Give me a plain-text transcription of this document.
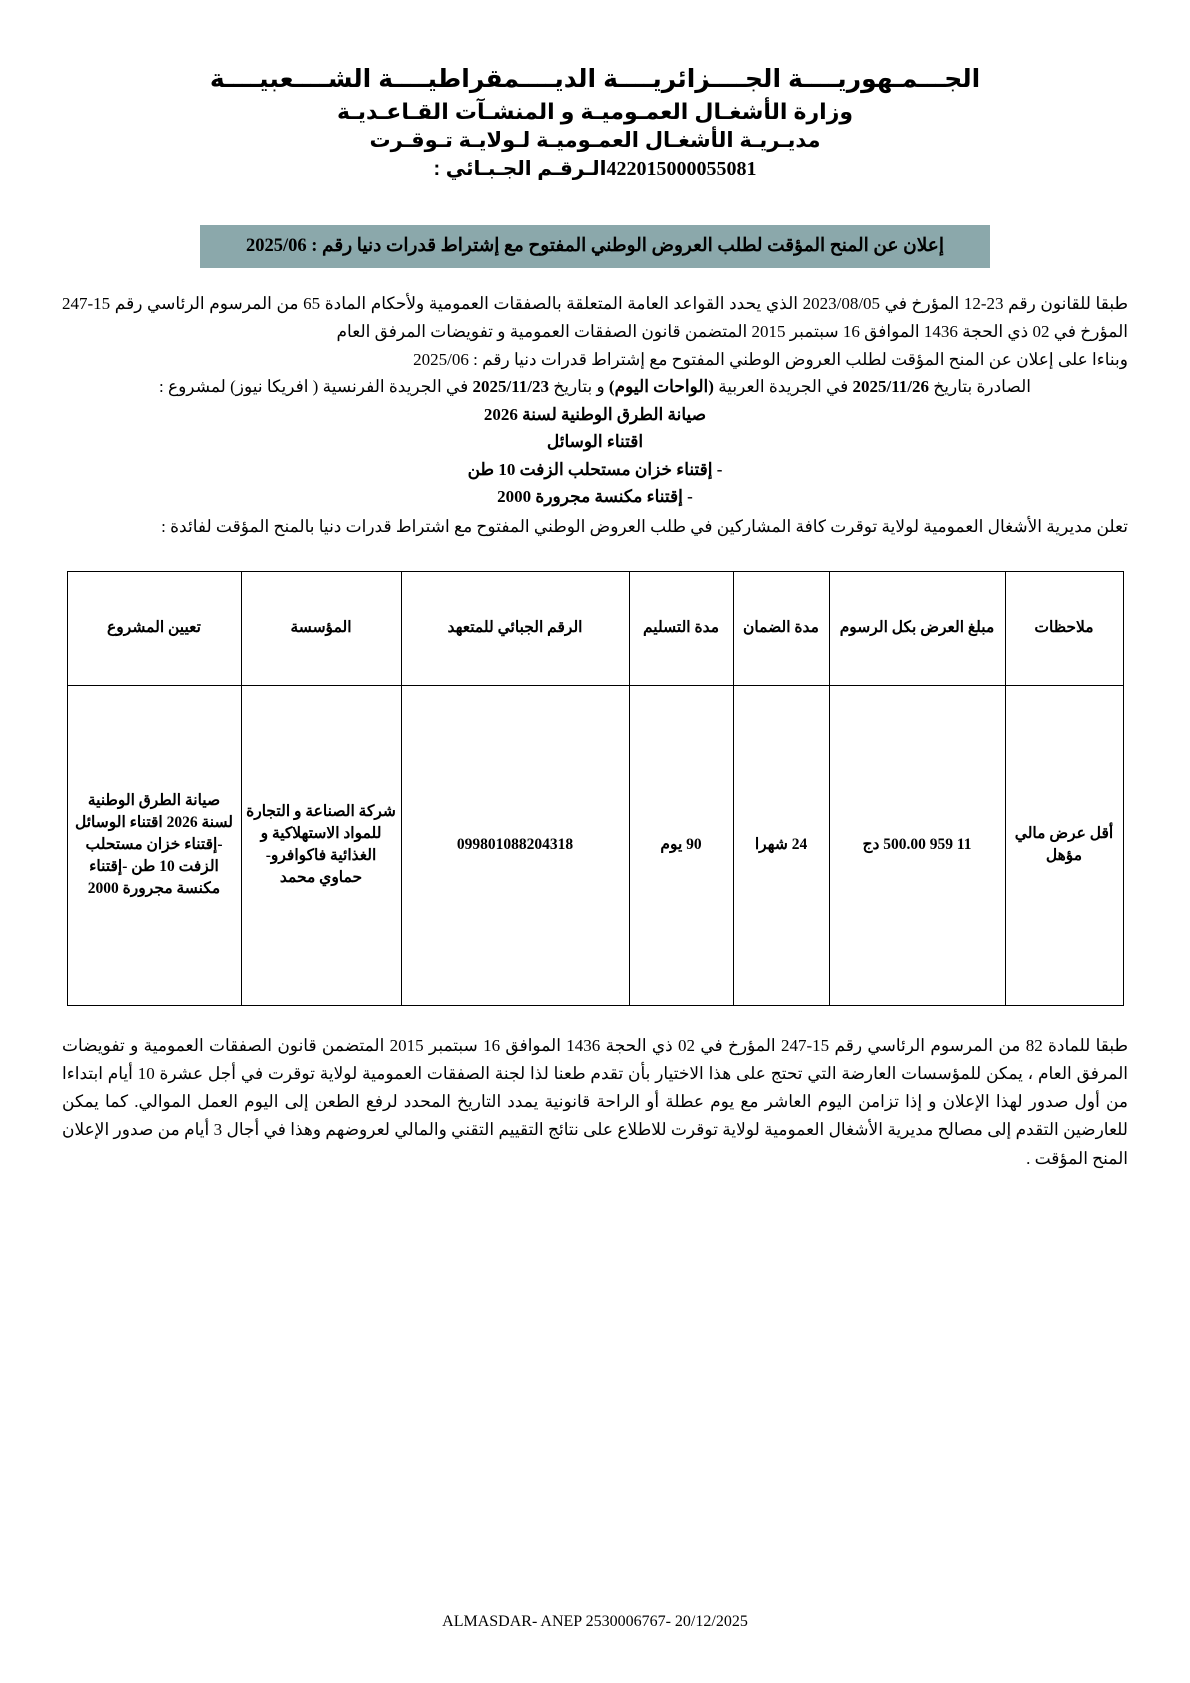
الجـــمـهوريــــة الجــــزائريــــة الديــــمقراطيــــة الشــــعبيــــة
وزارة الأشغـال العمـومیـة و المنشـآت القـاعـديـة
مديـريـة الأشغـال العمـوميـة لـولايـة تـوقـرت
422015000055081الـرقـم الجـبـائي :
إعلان عن المنح المؤقت لطلب العروض الوطني المفتوح مع إشتراط قدرات دنيا رقم : 2025/06

طبقا للقانون رقم 23-12 المؤرخ في 2023/08/05 الذي يحدد القواعد العامة المتعلقة بالصفقات العمومية ولأحكام المادة 65 من المرسوم الرئاسي رقم 15-247 المؤرخ في 02 ذي الحجة 1436 الموافق 16 سبتمبر 2015 المتضمن قانون الصفقات العمومية و تفويضات المرفق العام

وبناءا على إعلان عن المنح المؤقت لطلب العروض الوطني المفتوح مع إشتراط قدرات دنيا رقم : 2025/06

الصادرة بتاريخ 2025/11/26 في الجريدة العربية (الواحات اليوم) و بتاريخ 2025/11/23 في الجريدة الفرنسية ( افريكا نيوز) لمشروع :

صيانة الطرق الوطنية لسنة 2026

اقتناء الوسائل

- إقتناء خزان مستحلب الزفت 10 طن

- إقتناء مكنسة مجرورة 2000

تعلن مديرية الأشغال العمومية لولاية توقرت كافة المشاركين في طلب العروض الوطني المفتوح مع اشتراط قدرات دنيا بالمنح المؤقت لفائدة :
ملاحظات	مبلغ العرض بكل الرسوم	مدة الضمان	مدة التسليم	الرقم الجبائي للمتعهد	المؤسسة	تعيين المشروع
أقل عرض مالي مؤهل	11 959 500.00 دج	24 شهرا	90 يوم	099801088204318	شركة الصناعة و التجارة للمواد الاستهلاكية و الغذائية فاكوافرو- حماوي محمد	صيانة الطرق الوطنية لسنة 2026 اقتناء الوسائل -إقتناء خزان مستحلب الزفت 10 طن -إقتناء مكنسة مجرورة 2000

طبقا للمادة 82 من المرسوم الرئاسي رقم 15-247 المؤرخ في 02 ذي الحجة 1436 الموافق 16 سبتمبر 2015 المتضمن قانون الصفقات العمومية و تفويضات المرفق العام ، يمكن للمؤسسات العارضة التي تحتج على هذا الاختيار بأن تقدم طعنا لذا لجنة الصفقات العمومية لولاية توقرت في أجل عشرة 10 أيام ابتداءا من أول صدور لهذا الإعلان و إذا تزامن اليوم العاشر مع يوم عطلة أو الراحة قانونية يمدد التاريخ المحدد لرفع الطعن إلى اليوم العمل الموالي. كما يمكن للعارضين التقدم إلى مصالح مديرية الأشغال العمومية لولاية توقرت للاطلاع على نتائج التقييم التقني والمالي لعروضهم وهذا في أجال 3 أيام من صدور الإعلان المنح المؤقت .

ALMASDAR- ANEP 2530006767- 20/12/2025
